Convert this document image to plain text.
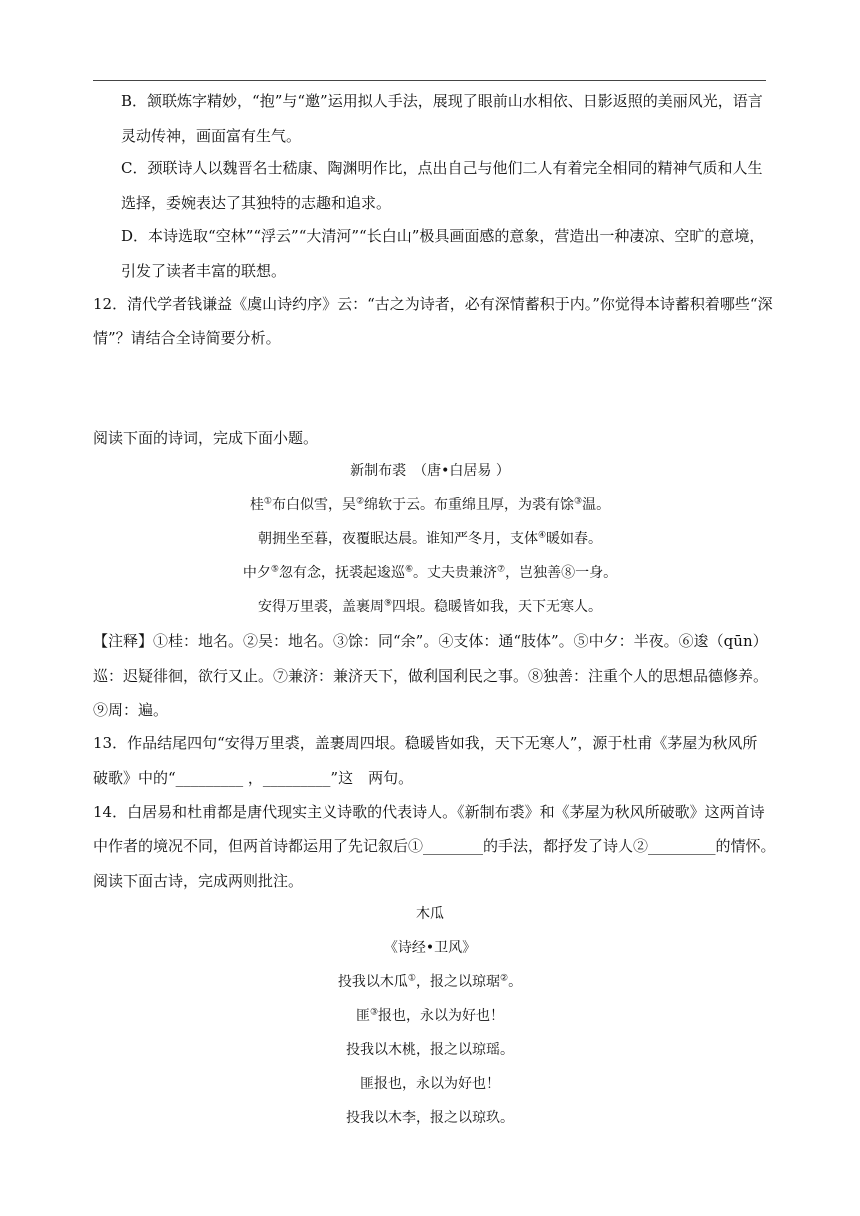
B．颔联炼字精妙，“抱”与“邀”运用拟人手法，展现了眼前山水相依、日影返照的美丽风光，语言
灵动传神，画面富有生气。
C．颈联诗人以魏晋名士嵇康、陶渊明作比，点出自己与他们二人有着完全相同的精神气质和人生
选择，委婉表达了其独特的志趣和追求。
D．本诗选取“空林”“浮云”“大清河”“长白山”极具画面感的意象，营造出一种凄凉、空旷的意境，
引发了读者丰富的联想。
12．清代学者钱谦益《虞山诗约序》云：“古之为诗者，必有深情蓄积于内。”你觉得本诗蓄积着哪些“深
情”？请结合全诗简要分析。
阅读下面的诗词，完成下面小题。
新制布裘　（唐•白居易 ）
桂①布白似雪，吴②绵软于云。布重绵且厚，为裘有馀③温。
朝拥坐至暮，夜覆眠达晨。谁知严冬月，支体④暖如春。
中夕⑤忽有念，抚裘起逡巡⑥。丈夫贵兼济⑦，岂独善⑧一身。
安得万里裘，盖裹周⑨四垠。稳暖皆如我，天下无寒人。
【注释】①桂：地名。②吴：地名。③馀：同“余”。④支体：通“肢体”。⑤中夕：半夜。⑥逡（qūn）
巡：迟疑徘徊，欲行又止。⑦兼济：兼济天下，做利国利民之事。⑧独善：注重个人的思想品德修养。
⑨周：遍。
13．作品结尾四句“安得万里裘，盖裹周四垠。稳暖皆如我，天下无寒人”，源于杜甫《茅屋为秋风所
破歌》中的“_________ ，_________”这　两句。
14．白居易和杜甫都是唐代现实主义诗歌的代表诗人。《新制布裘》和《茅屋为秋风所破歌》这两首诗
中作者的境况不同，但两首诗都运用了先记叙后①________的手法，都抒发了诗人②_________的情怀。
阅读下面古诗，完成两则批注。
木瓜
《诗经•卫风》
投我以木瓜①，报之以琼琚②。
匪③报也，永以为好也！
投我以木桃，报之以琼瑶。
匪报也，永以为好也！
投我以木李，报之以琼玖。
